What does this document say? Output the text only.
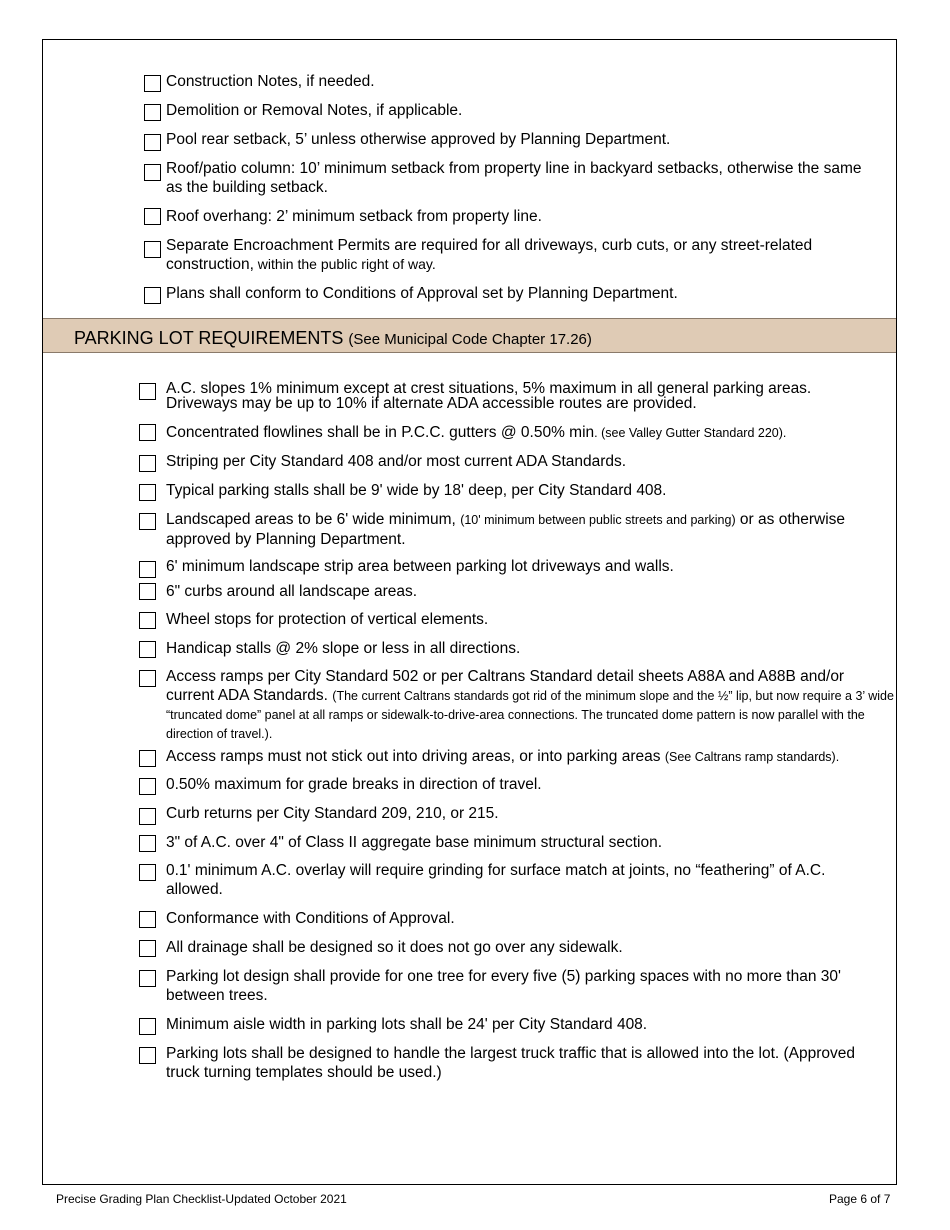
Construction Notes, if needed.
Demolition or Removal Notes, if applicable.
Pool rear setback, 5’ unless otherwise approved by Planning Department.
Roof/patio column: 10’ minimum setback from property line in backyard setbacks, otherwise the same as the building setback.
Roof overhang: 2’ minimum setback from property line.
Separate Encroachment Permits are required for all driveways, curb cuts, or any street-related construction, within the public right of way.
Plans shall conform to Conditions of Approval set by Planning Department.
PARKING LOT REQUIREMENTS (See Municipal Code Chapter 17.26)
A.C. slopes 1% minimum except at crest situations, 5% maximum in all general parking areas. Driveways may be up to 10% if alternate ADA accessible routes are provided.
Concentrated flowlines shall be in P.C.C. gutters @ 0.50% min. (see Valley Gutter Standard 220).
Striping per City Standard 408 and/or most current ADA Standards.
Typical parking stalls shall be 9' wide by 18' deep, per City Standard 408.
Landscaped areas to be 6' wide minimum, (10' minimum between public streets and parking) or as otherwise approved by Planning Department.
6' minimum landscape strip area between parking lot driveways and walls.
6" curbs around all landscape areas.
Wheel stops for protection of vertical elements.
Handicap stalls @ 2% slope or less in all directions.
Access ramps per City Standard 502 or per Caltrans Standard detail sheets A88A and A88B and/or current ADA Standards. (The current Caltrans standards got rid of the minimum slope and the ½” lip, but now require a 3’ wide “truncated dome” panel at all ramps or sidewalk-to-drive-area connections. The truncated dome pattern is now parallel with the direction of travel.).
Access ramps must not stick out into driving areas, or into parking areas (See Caltrans ramp standards).
0.50% maximum for grade breaks in direction of travel.
Curb returns per City Standard 209, 210, or 215.
3" of A.C. over 4" of Class II aggregate base minimum structural section.
0.1' minimum A.C. overlay will require grinding for surface match at joints, no “feathering” of A.C. allowed.
Conformance with Conditions of Approval.
All drainage shall be designed so it does not go over any sidewalk.
Parking lot design shall provide for one tree for every five (5) parking spaces with no more than 30' between trees.
Minimum aisle width in parking lots shall be 24' per City Standard 408.
Parking lots shall be designed to handle the largest truck traffic that is allowed into the lot. (Approved truck turning templates should be used.)
Precise Grading Plan Checklist-Updated October 2021	Page 6 of 7
